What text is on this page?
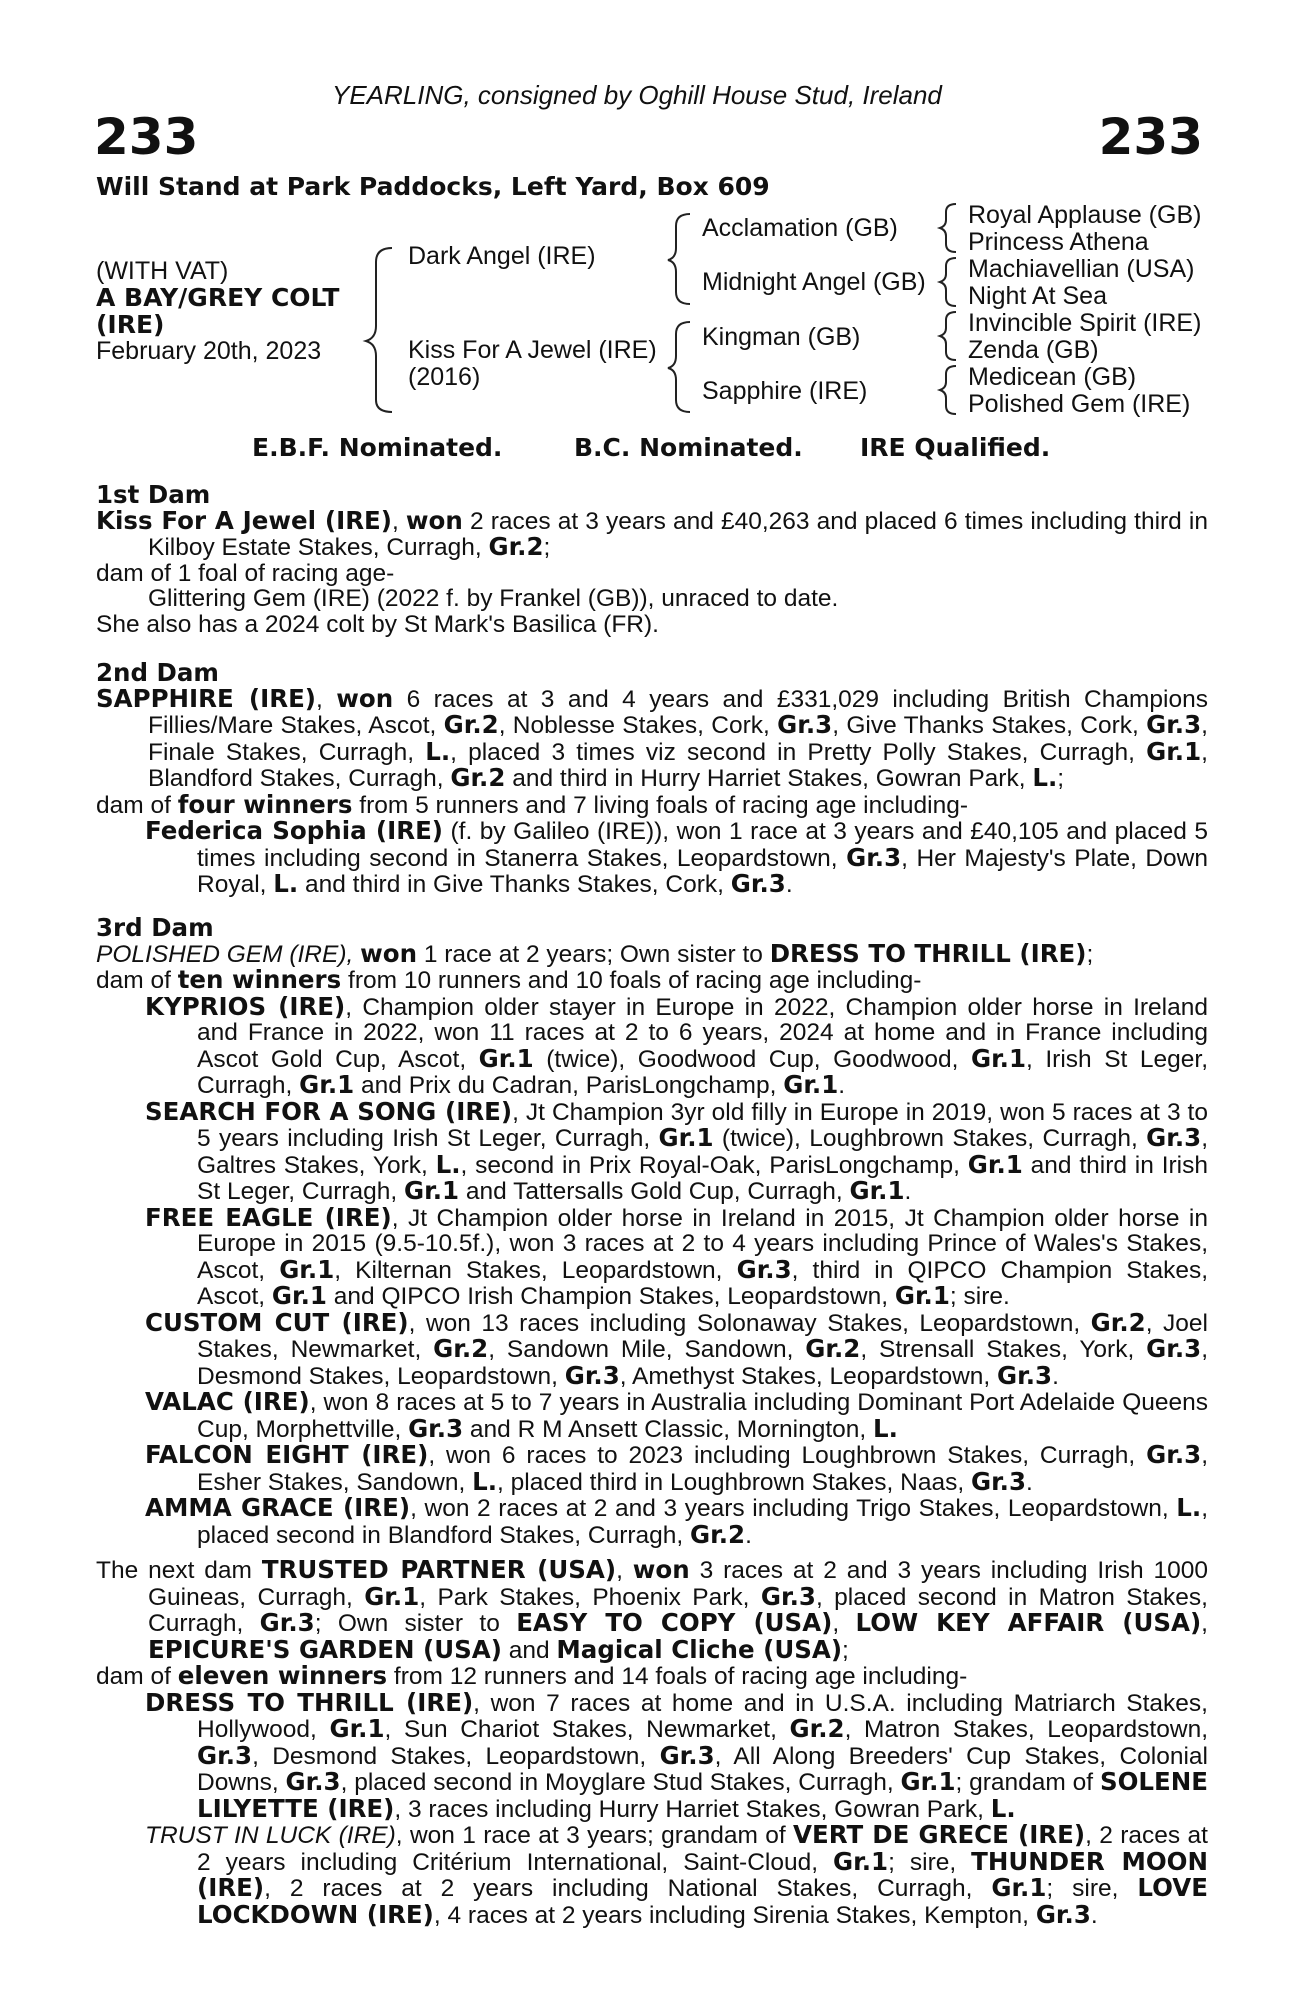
YEARLING, consigned by Oghill House Stud, Ireland
233	233
Will Stand at Park Paddocks, Left Yard, Box 609
(WITH VAT)
A BAY/GREY COLT
(IRE)
February 20th, 2023
Dark Angel (IRE)
Kiss For A Jewel (IRE)
(2016)
Acclamation (GB)
Midnight Angel (GB)
Kingman (GB)
Sapphire (IRE)
Royal Applause (GB)
Princess Athena
Machiavellian (USA)
Night At Sea
Invincible Spirit (IRE)
Zenda (GB)
Medicean (GB)
Polished Gem (IRE)
E.B.F. Nominated.	B.C. Nominated. IRE Qualified.

1st Dam

Kiss For A Jewel (IRE), won 2 races at 3 years and £40,263 and placed 6 times including third in Kilboy Estate Stakes, Curragh, Gr.2;

dam of 1 foal of racing age-

Glittering Gem (IRE) (2022 f. by Frankel (GB)), unraced to date.

She also has a 2024 colt by St Mark's Basilica (FR).

2nd Dam

SAPPHIRE (IRE), won 6 races at 3 and 4 years and £331,029 including British Champions Fillies/Mare Stakes, Ascot, Gr.2, Noblesse Stakes, Cork, Gr.3, Give Thanks Stakes, Cork, Gr.3, Finale Stakes, Curragh, L., placed 3 times viz second in Pretty Polly Stakes, Curragh, Gr.1, Blandford Stakes, Curragh, Gr.2 and third in Hurry Harriet Stakes, Gowran Park, L.;

dam of four winners from 5 runners and 7 living foals of racing age including-

Federica Sophia (IRE) (f. by Galileo (IRE)), won 1 race at 3 years and £40,105 and placed 5 times including second in Stanerra Stakes, Leopardstown, Gr.3, Her Majesty's Plate, Down Royal, L. and third in Give Thanks Stakes, Cork, Gr.3.

3rd Dam

POLISHED GEM (IRE), won 1 race at 2 years; Own sister to DRESS TO THRILL (IRE);

dam of ten winners from 10 runners and 10 foals of racing age including-

KYPRIOS (IRE), Champion older stayer in Europe in 2022, Champion older horse in Ireland and France in 2022, won 11 races at 2 to 6 years, 2024 at home and in France including Ascot Gold Cup, Ascot, Gr.1 (twice), Goodwood Cup, Goodwood, Gr.1, Irish St Leger, Curragh, Gr.1 and Prix du Cadran, ParisLongchamp, Gr.1.

SEARCH FOR A SONG (IRE), Jt Champion 3yr old filly in Europe in 2019, won 5 races at 3 to 5 years including Irish St Leger, Curragh, Gr.1 (twice), Loughbrown Stakes, Curragh, Gr.3, Galtres Stakes, York, L., second in Prix Royal-Oak, ParisLongchamp, Gr.1 and third in Irish St Leger, Curragh, Gr.1 and Tattersalls Gold Cup, Curragh, Gr.1.

FREE EAGLE (IRE), Jt Champion older horse in Ireland in 2015, Jt Champion older horse in Europe in 2015 (9.5-10.5f.), won 3 races at 2 to 4 years including Prince of Wales's Stakes, Ascot, Gr.1, Kilternan Stakes, Leopardstown, Gr.3, third in QIPCO Champion Stakes, Ascot, Gr.1 and QIPCO Irish Champion Stakes, Leopardstown, Gr.1; sire.

CUSTOM CUT (IRE), won 13 races including Solonaway Stakes, Leopardstown, Gr.2, Joel Stakes, Newmarket, Gr.2, Sandown Mile, Sandown, Gr.2, Strensall Stakes, York, Gr.3, Desmond Stakes, Leopardstown, Gr.3, Amethyst Stakes, Leopardstown, Gr.3.

VALAC (IRE), won 8 races at 5 to 7 years in Australia including Dominant Port Adelaide Queens Cup, Morphettville, Gr.3 and R M Ansett Classic, Mornington, L.

FALCON EIGHT (IRE), won 6 races to 2023 including Loughbrown Stakes, Curragh, Gr.3, Esher Stakes, Sandown, L., placed third in Loughbrown Stakes, Naas, Gr.3.

AMMA GRACE (IRE), won 2 races at 2 and 3 years including Trigo Stakes, Leopardstown, L., placed second in Blandford Stakes, Curragh, Gr.2.

The next dam TRUSTED PARTNER (USA), won 3 races at 2 and 3 years including Irish 1000 Guineas, Curragh, Gr.1, Park Stakes, Phoenix Park, Gr.3, placed second in Matron Stakes, Curragh, Gr.3; Own sister to EASY TO COPY (USA), LOW KEY AFFAIR (USA), EPICURE'S GARDEN (USA) and Magical Cliche (USA);

dam of eleven winners from 12 runners and 14 foals of racing age including-

DRESS TO THRILL (IRE), won 7 races at home and in U.S.A. including Matriarch Stakes, Hollywood, Gr.1, Sun Chariot Stakes, Newmarket, Gr.2, Matron Stakes, Leopardstown, Gr.3, Desmond Stakes, Leopardstown, Gr.3, All Along Breeders' Cup Stakes, Colonial Downs, Gr.3, placed second in Moyglare Stud Stakes, Curragh, Gr.1; grandam of SOLENE LILYETTE (IRE), 3 races including Hurry Harriet Stakes, Gowran Park, L.

TRUST IN LUCK (IRE), won 1 race at 3 years; grandam of VERT DE GRECE (IRE), 2 races at 2 years including Critérium International, Saint-Cloud, Gr.1; sire, THUNDER MOON (IRE), 2 races at 2 years including National Stakes, Curragh, Gr.1; sire, LOVE LOCKDOWN (IRE), 4 races at 2 years including Sirenia Stakes, Kempton, Gr.3.
